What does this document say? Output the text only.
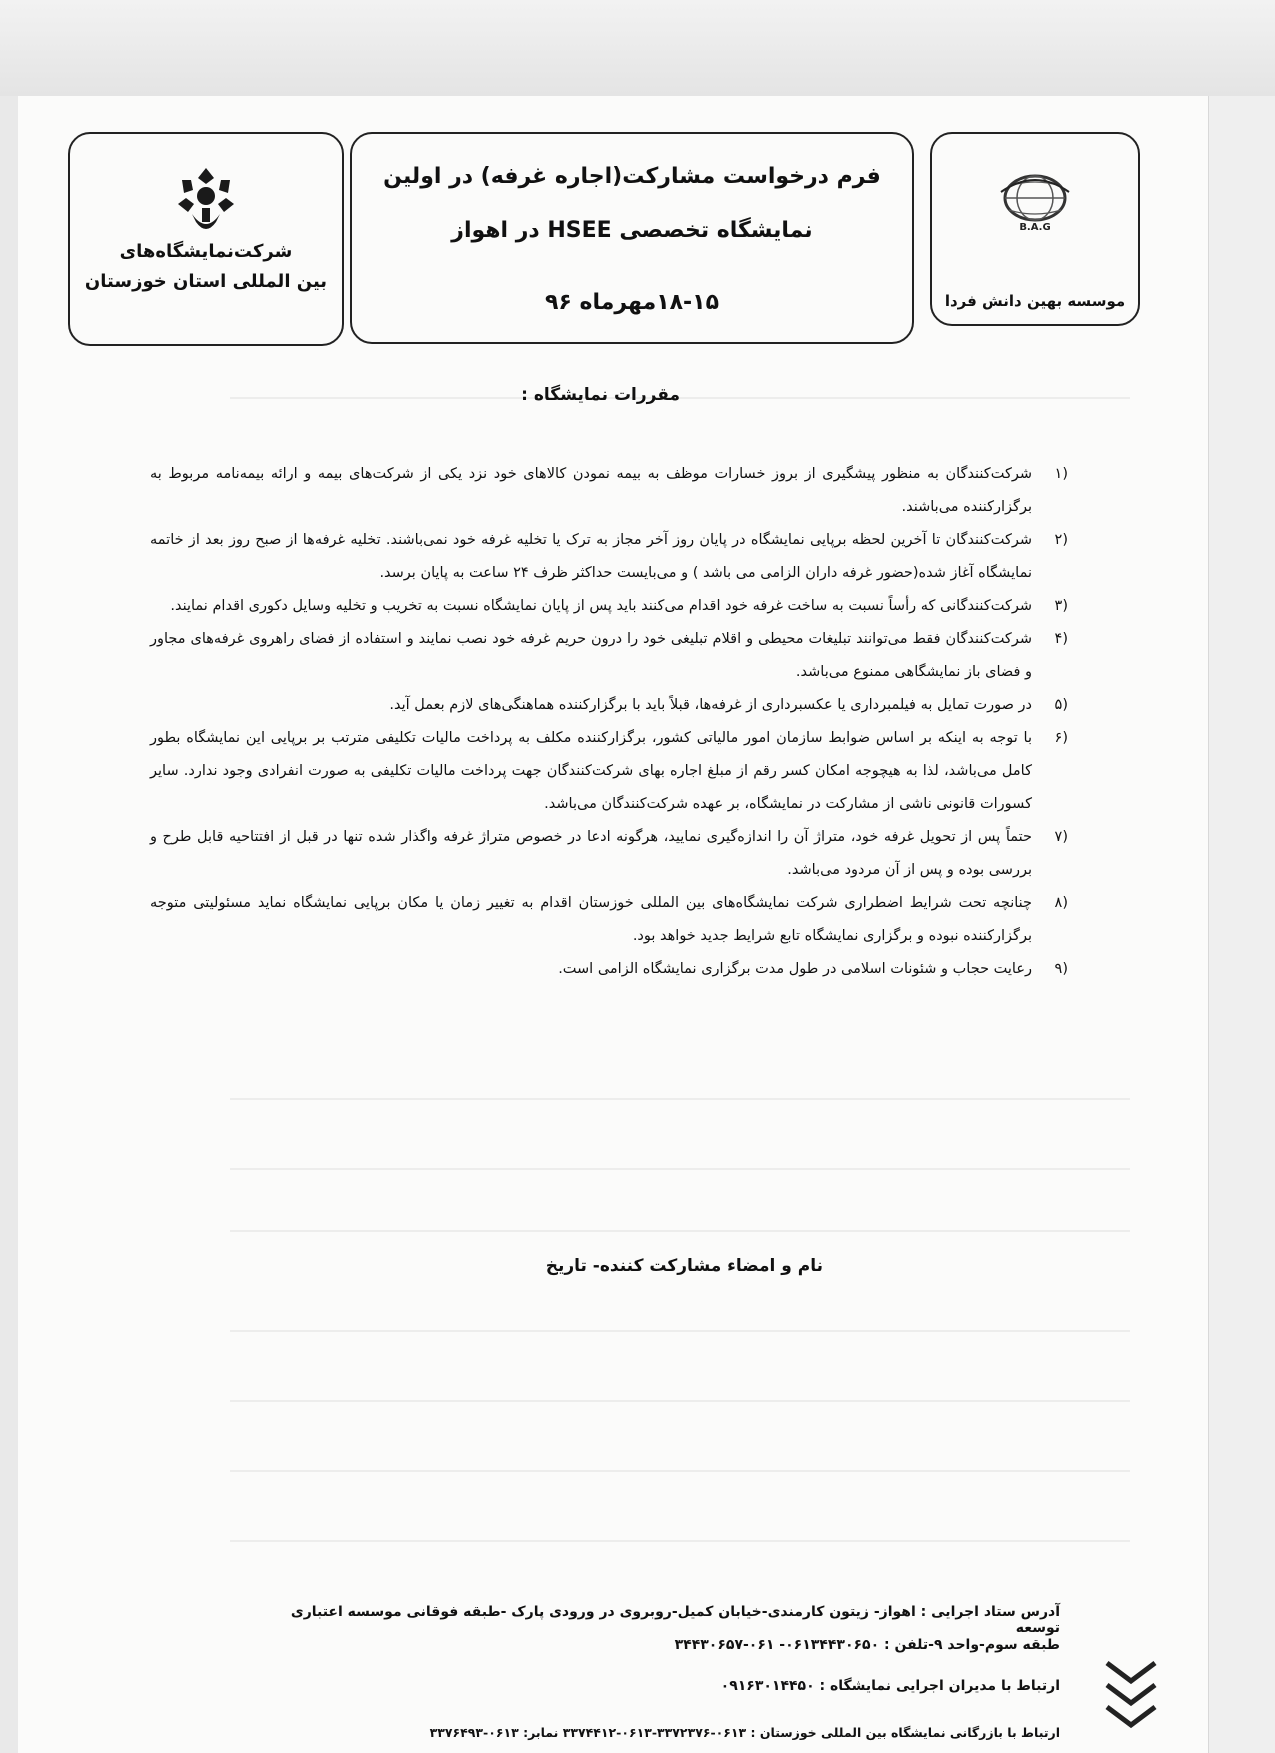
B.A.G
موسسه بهین دانش فردا
فرم درخواست مشارکت(اجاره غرفه) در اولین
نمایشگاه تخصصی HSEE در اهواز
۱۸-۱۵مهرماه ۹۶
شرکت‌نمایشگاه‌های
بین المللی استان خوزستان
مقررات نمایشگاه :
(۱
شرکت‌کنندگان به منظور پیشگیری از بروز خسارات موظف به بیمه نمودن کالاهای خود نزد یکی از شرکت‌های بیمه و ارائه بیمه‌نامه مربوط به برگزارکننده می‌باشند.
(۲
شرکت‌کنندگان تا آخرین لحظه برپایی نمایشگاه در پایان روز آخر مجاز به ترک یا تخلیه غرفه خود نمی‌باشند. تخلیه غرفه‌ها از صبح روز بعد از خاتمه نمایشگاه آغاز شده(حضور غرفه داران الزامی می باشد ) و می‌بایست حداکثر ظرف ۲۴ ساعت به پایان برسد.
(۳
شرکت‌کنندگانی که رأساً نسبت به ساخت غرفه خود اقدام می‌کنند باید پس از پایان نمایشگاه نسبت به تخریب و تخلیه وسایل دکوری اقدام نمایند.
(۴
شرکت‌کنندگان فقط می‌توانند تبلیغات محیطی و اقلام تبلیغی خود را درون حریم غرفه خود نصب نمایند و استفاده از فضای راهروی غرفه‌های مجاور و فضای باز نمایشگاهی ممنوع می‌باشد.
(۵
در صورت تمایل به فیلمبرداری یا عکسبرداری از غرفه‌ها، قبلاً باید با برگزارکننده هماهنگی‌های لازم بعمل آید.
(۶
با توجه به اینکه بر اساس ضوابط سازمان امور مالیاتی کشور، برگزارکننده مکلف به پرداخت مالیات تکلیفی مترتب بر برپایی این نمایشگاه بطور کامل می‌باشد، لذا به هیچوجه امکان کسر رقم از مبلغ اجاره بهای شرکت‌کنندگان جهت پرداخت مالیات تکلیفی به صورت انفرادی وجود ندارد. سایر کسورات قانونی ناشی از مشارکت در نمایشگاه، بر عهده شرکت‌کنندگان می‌باشد.
(۷
حتماً پس از تحویل غرفه خود، متراژ آن را اندازه‌گیری نمایید، هرگونه ادعا در خصوص متراژ غرفه واگذار شده تنها در قبل از افتتاحیه قابل طرح و بررسی بوده و پس از آن مردود می‌باشد.
(۸
چنانچه تحت شرایط اضطراری شرکت نمایشگاه‌های بین المللی خوزستان اقدام به تغییر زمان یا مکان برپایی نمایشگاه نماید مسئولیتی متوجه برگزارکننده نبوده و برگزاری نمایشگاه تابع شرایط جدید خواهد بود.
(۹
رعایت حجاب و شئونات اسلامی در طول مدت برگزاری نمایشگاه الزامی است.
نام و امضاء مشارکت کننده- تاریخ
آدرس ستاد اجرایی : اهواز- زیتون کارمندی-خیابان کمیل-روبروی در ورودی پارک -طبقه فوقانی موسسه اعتباری توسعه
طبقه سوم-واحد ۹-تلفن : ۰۶۱۳۴۴۳۰۶۵۰- ۰۶۱-۳۴۴۳۰۶۵۷
ارتباط با مدیران اجرایی نمایشگاه : ۰۹۱۶۳۰۱۴۴۵۰
ارتباط با بازرگانی نمایشگاه بین المللی خوزستان : ۰۶۱۳-۳۳۷۲۳۷۶-۰۶۱۳-۳۳۷۴۴۱۲ نمابر: ۰۶۱۳-۳۳۷۶۴۹۳
